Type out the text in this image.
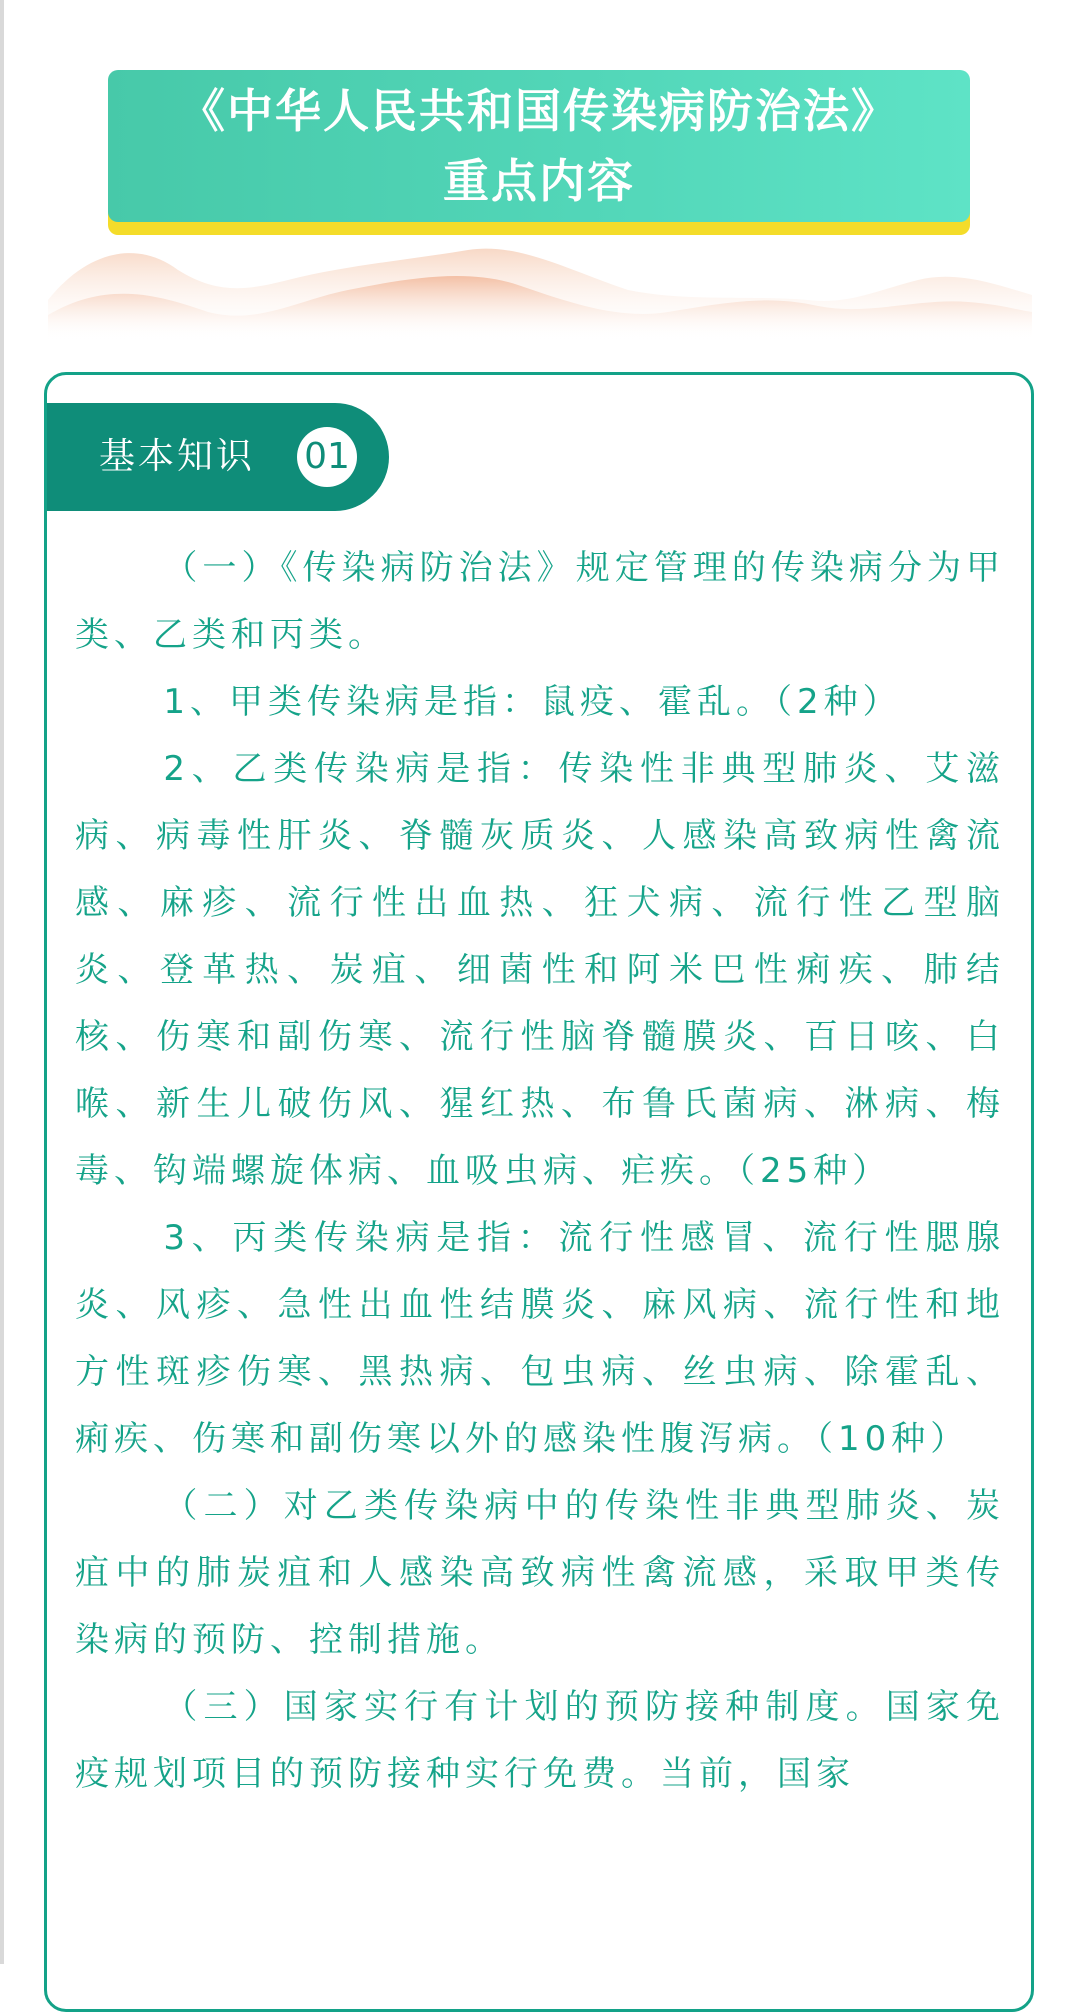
《中华人民共和国传染病防治法》
重点内容
基本知识 01

（一）《传染病防治法》规定管理的传染病分为甲类、乙类和丙类。

1、甲类传染病是指：鼠疫、霍乱。（2种）

2、乙类传染病是指：传染性非典型肺炎、艾滋病、病毒性肝炎、脊髓灰质炎、人感染高致病性禽流感、麻疹、流行性出血热、狂犬病、流行性乙型脑炎、登革热、炭疽、细菌性和阿米巴性痢疾、肺结核、伤寒和副伤寒、流行性脑脊髓膜炎、百日咳、白喉、新生儿破伤风、猩红热、布鲁氏菌病、淋病、梅毒、钩端螺旋体病、血吸虫病、疟疾。（25种）

3、丙类传染病是指：流行性感冒、流行性腮腺炎、风疹、急性出血性结膜炎、麻风病、流行性和地方性斑疹伤寒、黑热病、包虫病、丝虫病、除霍乱、痢疾、伤寒和副伤寒以外的感染性腹泻病。（10种）

（二）对乙类传染病中的传染性非典型肺炎、炭疽中的肺炭疽和人感染高致病性禽流感，采取甲类传染病的预防、控制措施。

（三）国家实行有计划的预防接种制度。国家免疫规划项目的预防接种实行免费。当前，国家
